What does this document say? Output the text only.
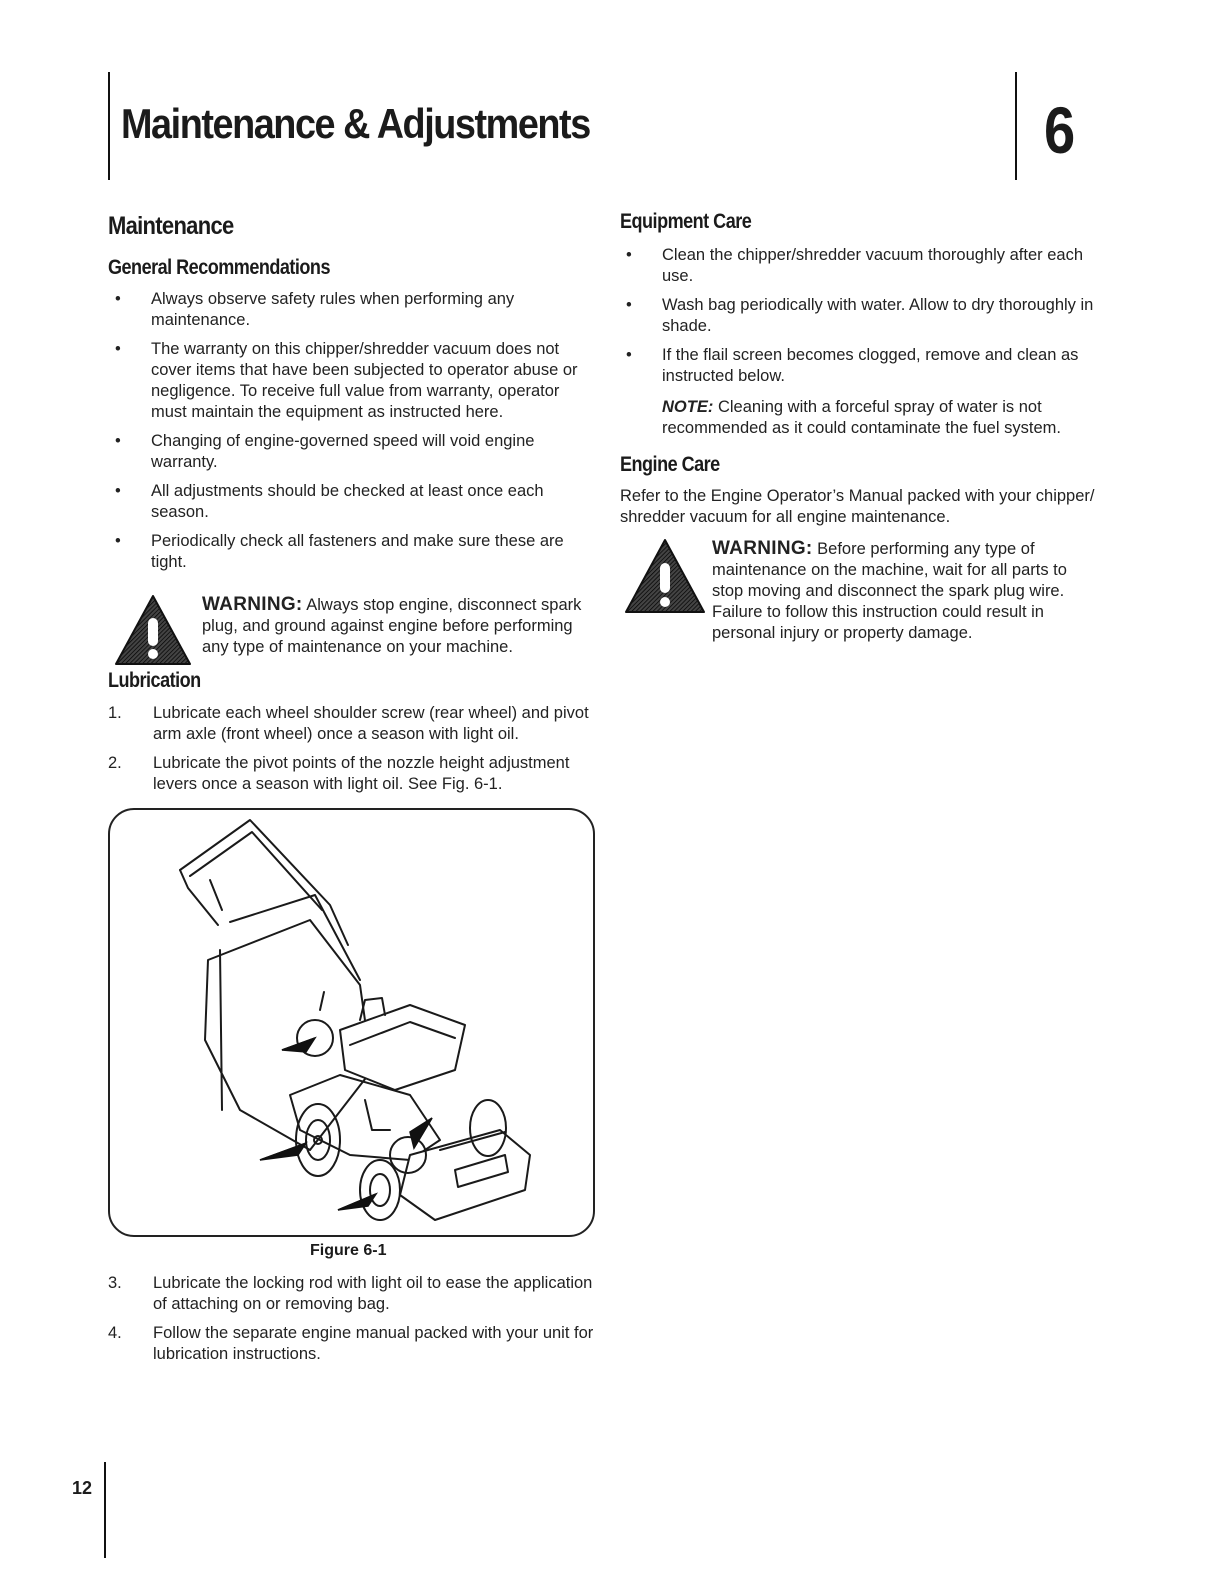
Maintenance & Adjustments	6
Maintenance
General Recommendations
• Always observe safety rules when performing any maintenance.
• The warranty on this chipper/shredder vacuum does not cover items that have been subjected to operator abuse or negligence. To receive full value from warranty, operator must maintain the equipment as instructed here.
• Changing of engine-governed speed will void engine warranty.
• All adjustments should be checked at least once each season.
• Periodically check all fasteners and make sure these are tight.
WARNING: Always stop engine, disconnect spark plug, and ground against engine before performing any type of maintenance on your machine.
Lubrication
1. Lubricate each wheel shoulder screw (rear wheel) and pivot arm axle (front wheel) once a season with light oil.
2. Lubricate the pivot points of the nozzle height adjustment levers once a season with light oil. See Fig. 6-1.
Figure 6-1
3. Lubricate the locking rod with light oil to ease the application of attaching on or removing bag.
4. Follow the separate engine manual packed with your unit for lubrication instructions.
Equipment Care
• Clean the chipper/shredder vacuum thoroughly after each use.
• Wash bag periodically with water. Allow to dry thoroughly in shade.
• If the flail screen becomes clogged, remove and clean as instructed below.
NOTE: Cleaning with a forceful spray of water is not recommended as it could contaminate the fuel system.
Engine Care
Refer to the Engine Operator’s Manual packed with your chipper/ shredder vacuum for all engine maintenance.
WARNING: Before performing any type of maintenance on the machine, wait for all parts to stop moving and disconnect the spark plug wire. Failure to follow this instruction could result in personal injury or property damage.
12
